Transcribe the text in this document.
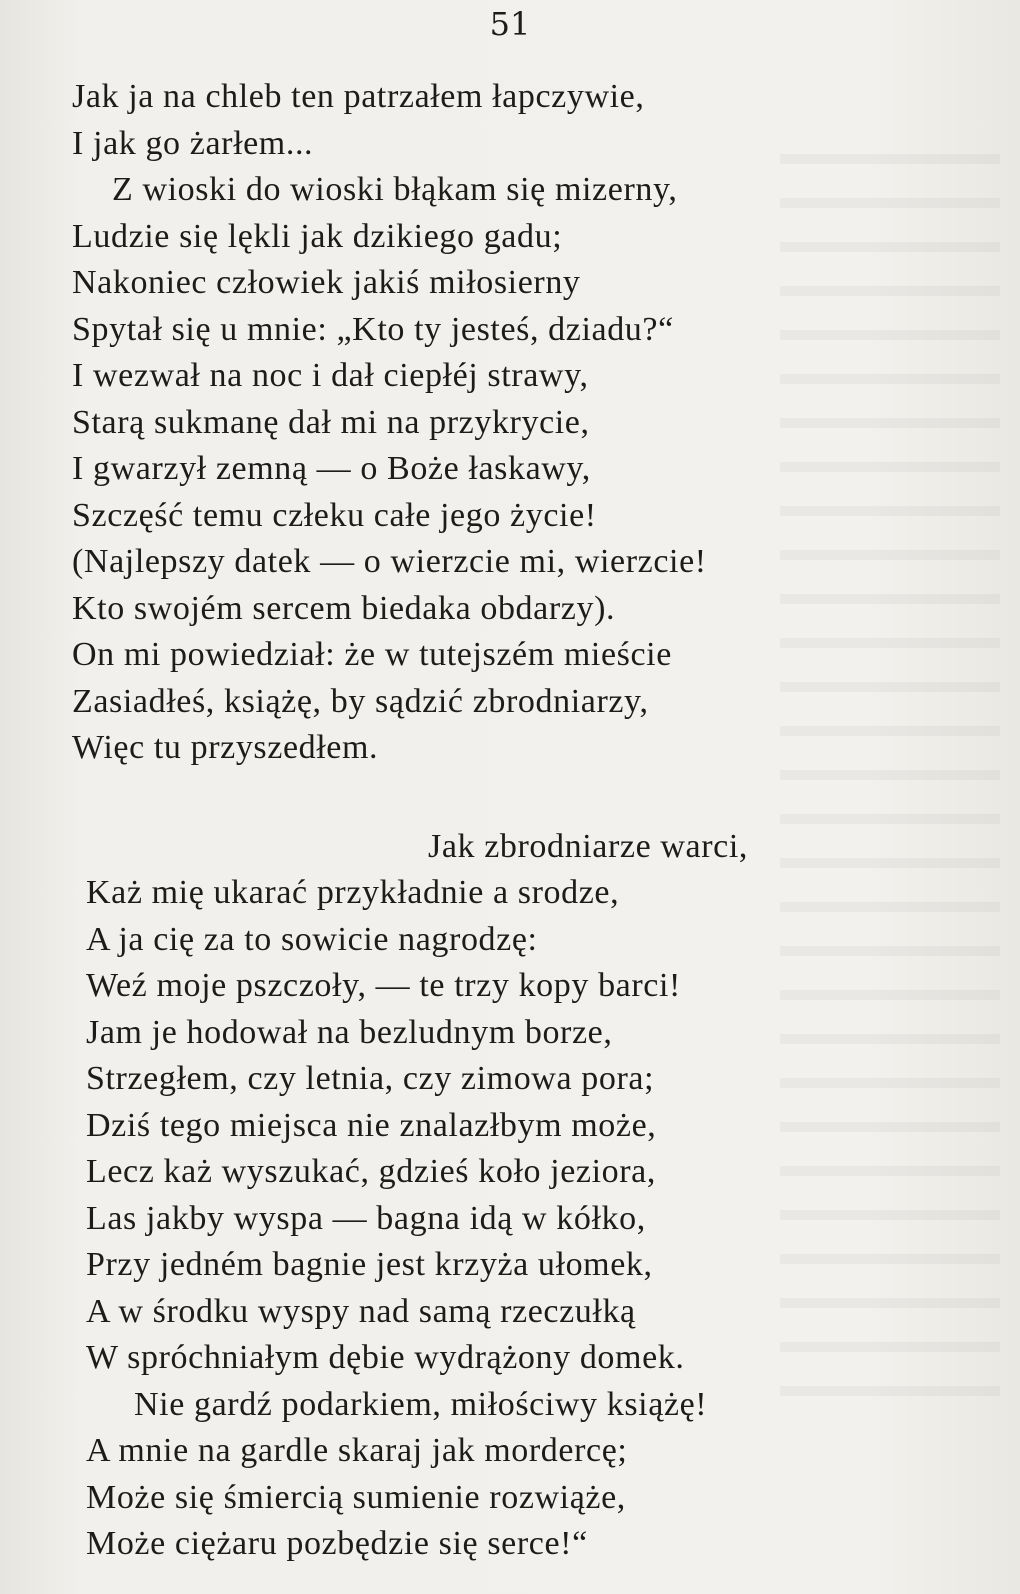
51
Jak ja na chleb ten patrzałem łapczywie,
I jak go żarłem...
Z wioski do wioski błąkam się mizerny,
Ludzie się lękli jak dzikiego gadu;
Nakoniec człowiek jakiś miłosierny
Spytał się u mnie: „Kto ty jesteś, dziadu?“
I wezwał na noc i dał ciepłéj strawy,
Starą sukmanę dał mi na przykrycie,
I gwarzył zemną — o Boże łaskawy,
Szczęść temu człeku całe jego życie!
(Najlepszy datek — o wierzcie mi, wierzcie!
Kto swojém sercem biedaka obdarzy).
On mi powiedział: że w tutejszém mieście
Zasiadłeś, książę, by sądzić zbrodniarzy,
Więc tu przyszedłem.
Jak zbrodniarze warci,
Każ mię ukarać przykładnie a srodze,
A ja cię za to sowicie nagrodzę:
Weź moje pszczoły, — te trzy kopy barci!
Jam je hodował na bezludnym borze,
Strzegłem, czy letnia, czy zimowa pora;
Dziś tego miejsca nie znalazłbym może,
Lecz każ wyszukać, gdzieś koło jeziora,
Las jakby wyspa — bagna idą w kółko,
Przy jedném bagnie jest krzyża ułomek,
A w środku wyspy nad samą rzeczułką
W spróchniałym dębie wydrążony domek.
Nie gardź podarkiem, miłościwy książę!
A mnie na gardle skaraj jak mordercę;
Może się śmiercią sumienie rozwiąże,
Może ciężaru pozbędzie się serce!“
